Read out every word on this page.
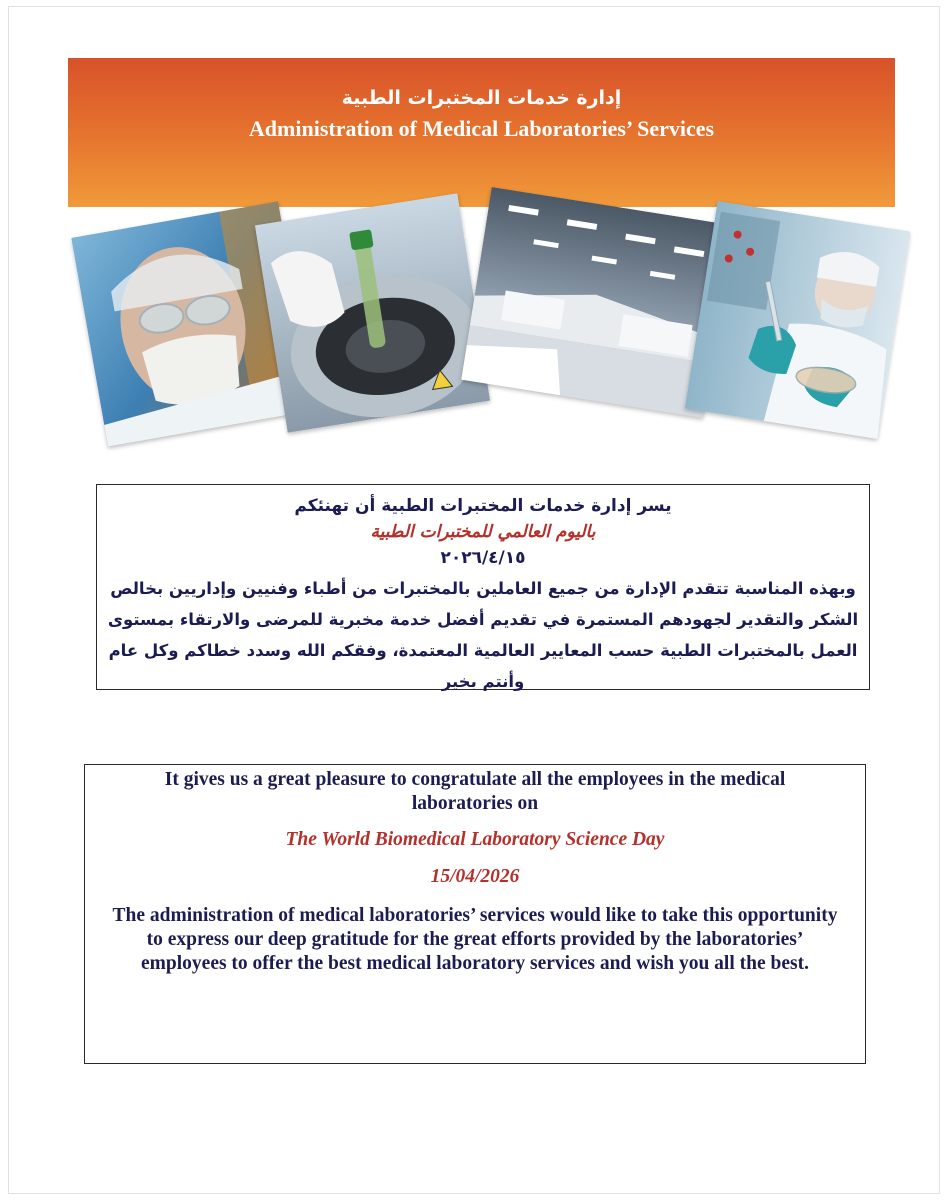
إدارة خدمات المختبرات الطبية
Administration of Medical Laboratories’ Services
يسر إدارة خدمات المختبرات الطبية أن تهنئكم
باليوم العالمي للمختبرات الطبية
٢٠٢٦/٤/١٥
وبهذه المناسبة تتقدم الإدارة من جميع العاملين بالمختبرات من أطباء وفنيين وإداريين بخالص الشكر والتقدير لجهودهم المستمرة في تقديم أفضل خدمة مخبرية للمرضى والارتقاء بمستوى العمل بالمختبرات الطبية حسب المعايير العالمية المعتمدة، وفقكم الله وسدد خطاكم وكل عام وأنتم بخير
It gives us a great pleasure to congratulate all the employees in the medical laboratories on
The World Biomedical Laboratory Science Day
15/04/2026
The administration of medical laboratories’ services would like to take this opportunity to express our deep gratitude for the great efforts provided by the laboratories’ employees to offer the best medical laboratory services and wish you all the best.
